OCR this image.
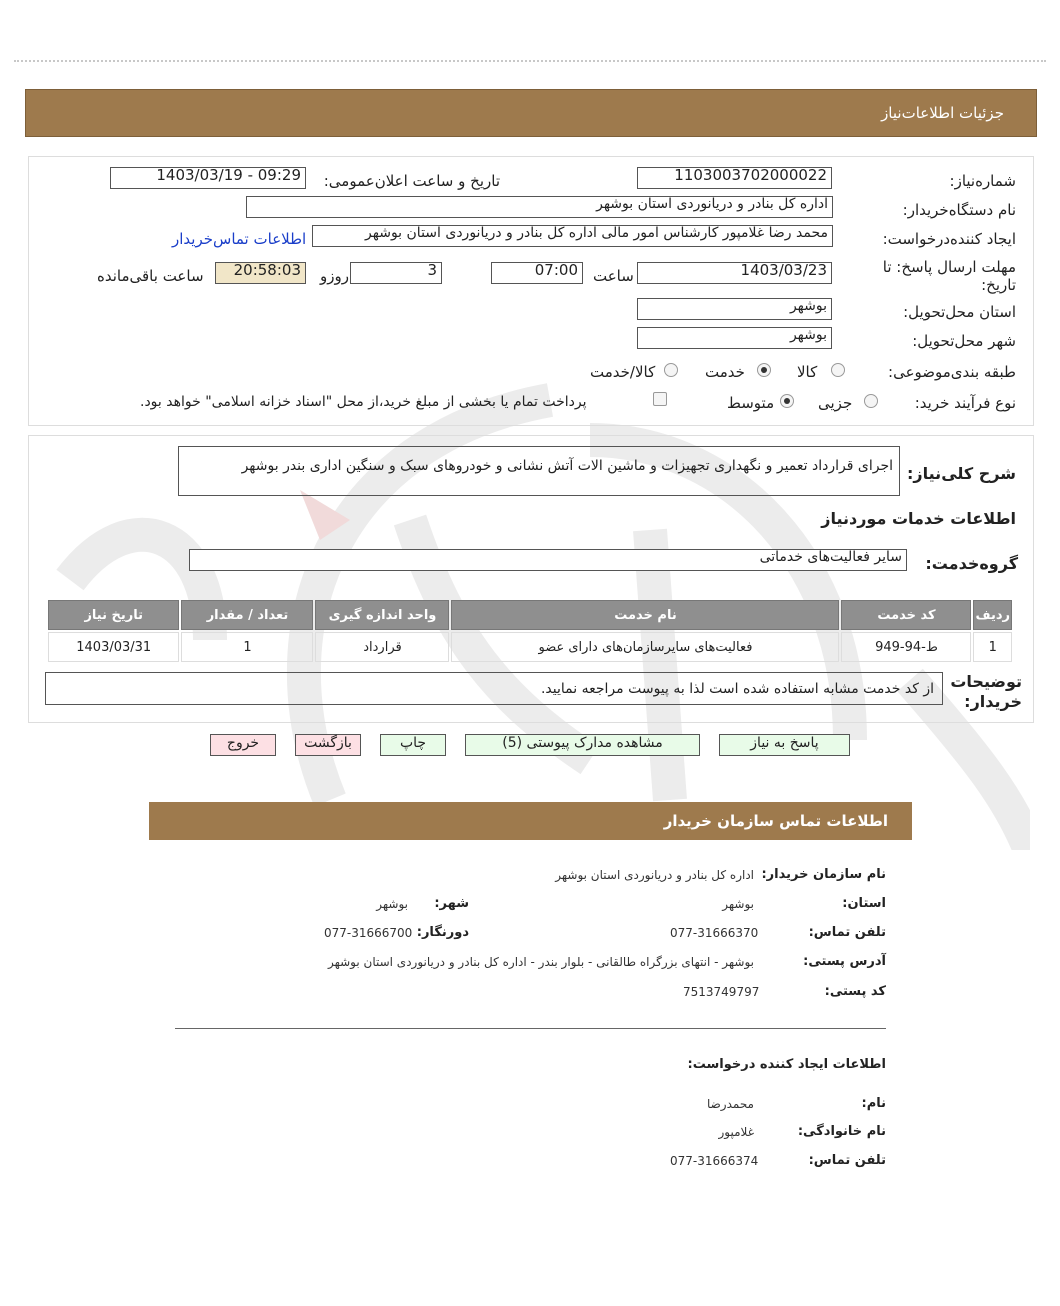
جزئیات اطلاعات‌نیاز
شماره‌نیاز:
1103003702000022
تاریخ و ساعت اعلان‌عمومی:
1403/03/19 - 09:29
نام دستگاه‌خریدار:
اداره کل بنادر و دریانوردی استان بوشهر
ایجاد کننده‌درخواست:
محمد رضا غلامپور کارشناس امور مالی اداره کل بنادر و دریانوردی استان بوشهر
اطلاعات تماس‌خریدار
مهلت ارسال پاسخ: تا تاریخ:
1403/03/23
ساعت
07:00
3
روزو
20:58:03
ساعت باقی‌مانده
استان محل‌تحویل:
بوشهر
شهر محل‌تحویل:
بوشهر
طبقه بندی‌موضوعی:
کالا
خدمت
کالا/خدمت
نوع فرآیند خرید:
جزیی
متوسط
پرداخت تمام یا بخشی از مبلغ خرید،از محل "اسناد خزانه اسلامی" خواهد بود.
شرح کلی‌نیاز:
اجرای قرارداد تعمیر و نگهداری تجهیزات و ماشین الات آتش نشانی و خودروهای سبک و سنگین اداری بندر بوشهر
اطلاعات خدمات موردنیاز
گروه‌خدمت:
سایر فعالیت‌های خدماتی
ردیف	کد خدمت	نام خدمت	واحد اندازه گیری	تعداد / مقدار	تاریخ نیاز
1	ط-94-949	فعالیت‌های سایرسازمان‌های دارای عضو	قرارداد	1	1403/03/31
توضیحات خریدار:
از کد خدمت مشابه استفاده شده است لذا به پیوست مراجعه نمایید.
پاسخ به نیاز
مشاهده مدارک پیوستی (5)
چاپ
بازگشت
خروج
اطلاعات تماس سازمان خریدار
نام سازمان خریدار:
اداره کل بنادر و دریانوردی استان بوشهر
استان:
بوشهر
شهر:
بوشهر
تلفن تماس:
077-31666370
دورنگار:
077-31666700
آدرس پستی:
بوشهر - انتهای بزرگراه طالقانی - بلوار بندر - اداره کل بنادر و دریانوردی استان بوشهر
کد پستی:
7513749797
اطلاعات ایجاد کننده درخواست:
نام:
محمدرضا
نام خانوادگی:
غلامپور
تلفن تماس:
077-31666374
